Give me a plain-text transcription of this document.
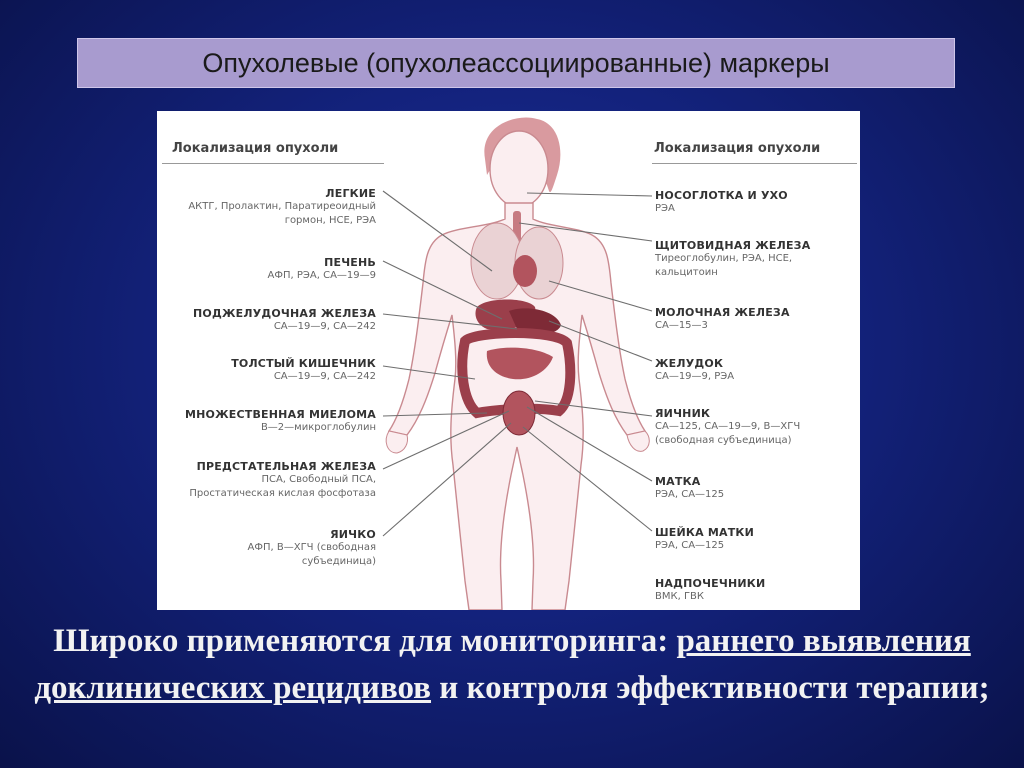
Опухолевые (опухолеассоциированные) маркеры
Локализация опухоли	Локализация опухоли
ЛЕГКИЕ
АКТГ, Пролактин, Паратиреоидный
гормон, НСЕ, РЭА
ПЕЧЕНЬ
АФП, РЭА, СА—19—9
ПОДЖЕЛУДОЧНАЯ ЖЕЛЕЗА
СА—19—9, СА—242
ТОЛСТЫЙ КИШЕЧНИК
СА—19—9, СА—242
МНОЖЕСТВЕННАЯ МИЕЛОМА
В—2—микроглобулин
ПРЕДСТАТЕЛЬНАЯ ЖЕЛЕЗА
ПСА, Свободный ПСА,
Простатическая кислая фосфотаза
ЯИЧКО
АФП, В—ХГЧ (свободная
субъединица)
НОСОГЛОТКА И УХО
РЭА
ЩИТОВИДНАЯ ЖЕЛЕЗА
Тиреоглобулин, РЭА, НСЕ,
кальцитоин
МОЛОЧНАЯ ЖЕЛЕЗА
СА—15—3
ЖЕЛУДОК
СА—19—9, РЭА
ЯИЧНИК
СА—125, СА—19—9, В—ХГЧ
(свободная субъединица)
МАТКА
РЭА, СА—125
ШЕЙКА МАТКИ
РЭА, СА—125
НАДПОЧЕЧНИКИ
ВМК, ГВК
Широко применяются для мониторинга: раннего выявления доклинических рецидивов и контроля эффективности терапии;
